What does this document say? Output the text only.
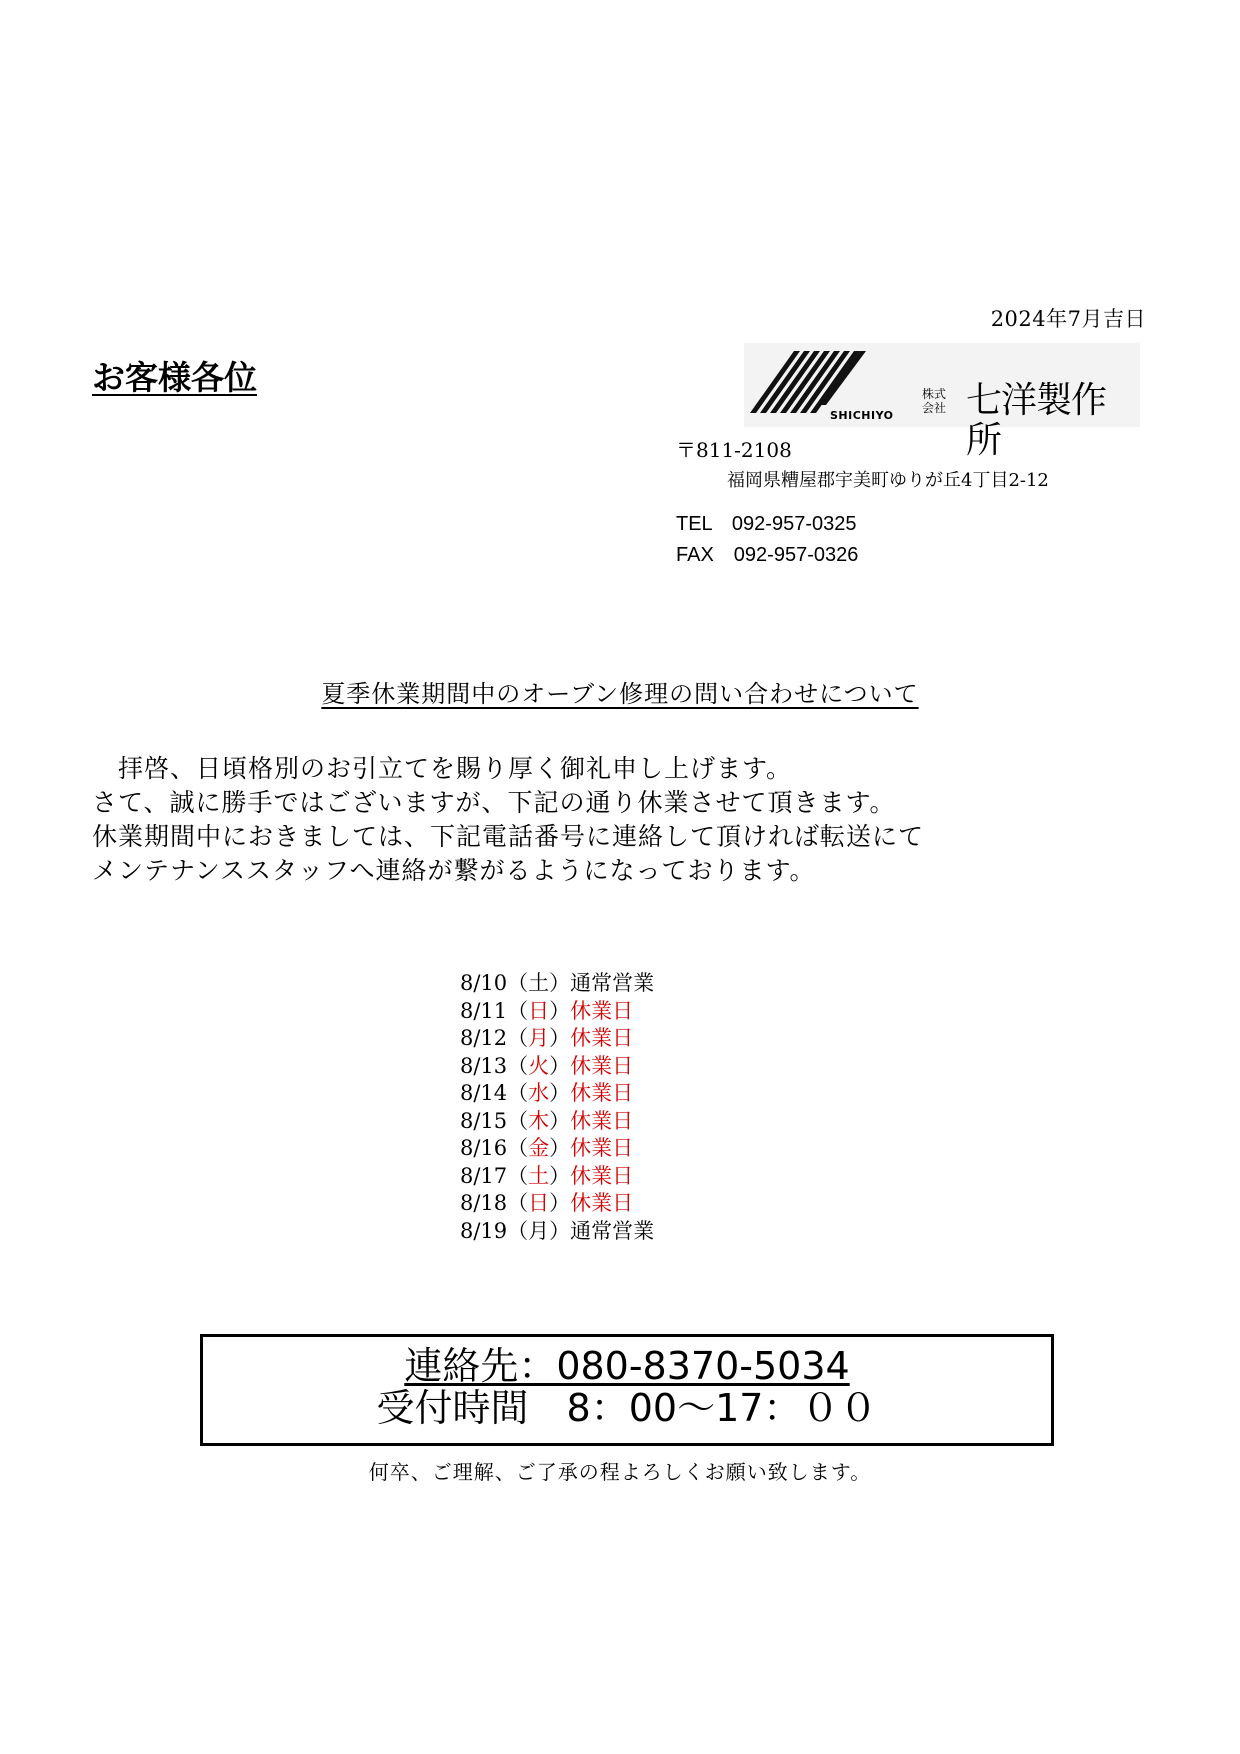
2024年7月吉日
お客様各位
SHICHIYO
株式
会社 七洋製作所
〒811-2108
福岡県糟屋郡宇美町ゆりが丘4丁目2-12
TEL　092-957-0325
FAX　092-957-0326
夏季休業期間中のオーブン修理の問い合わせについて
　拝啓、日頃格別のお引立てを賜り厚く御礼申し上げます。
さて、誠に勝手ではございますが、下記の通り休業させて頂きます。
休業期間中におきましては、下記電話番号に連絡して頂ければ転送にて
メンテナンススタッフへ連絡が繋がるようになっております。
8/10（土）通常営業
8/11（日）休業日
8/12（月）休業日
8/13（火）休業日
8/14（水）休業日
8/15（木）休業日
8/16（金）休業日
8/17（土）休業日
8/18（日）休業日
8/19（月）通常営業
連絡先：080-8370-5034
受付時間　8：00～17：００
何卒、ご理解、ご了承の程よろしくお願い致します。
